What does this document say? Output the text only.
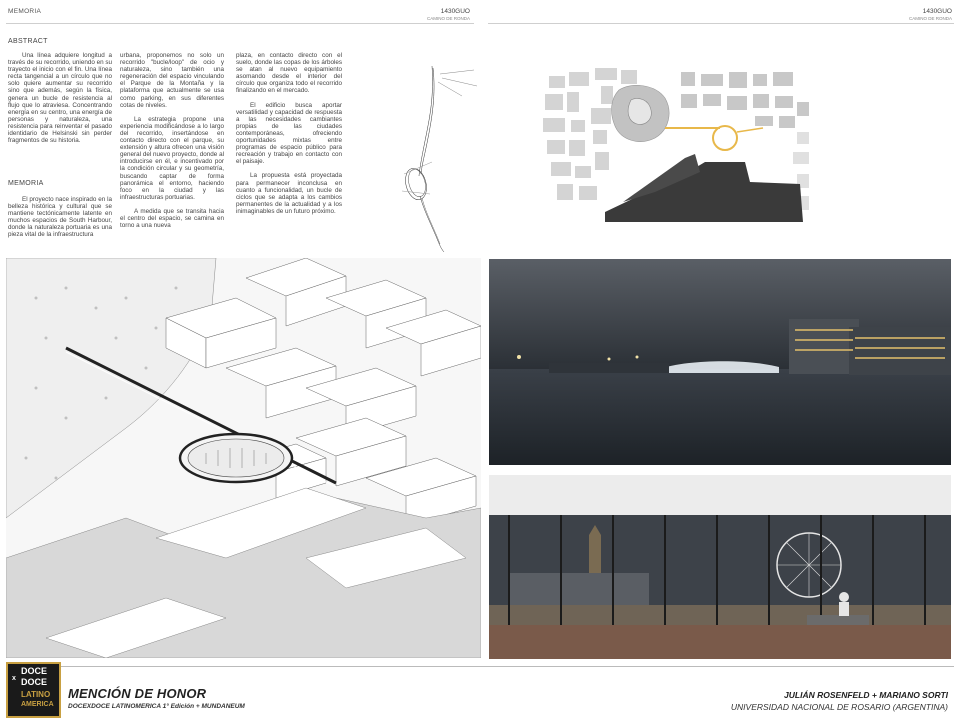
MEMORIA	1430GUO
CAMINO DE RONDA
1430GUO
CAMINO DE RONDA
ABSTRACT

Una línea adquiere longitud a través de su recorrido, uniendo en su trayecto el inicio con el fin. Una línea recta tangencial a un círculo que no solo quiere aumentar su recorrido sino que además, según la física, genera un bucle de resistencia al flujo que lo atraviesa. Concentrando energía en su centro, una energía de personas y naturaleza, una resistencia para reinventar el pasado identidario de Helsinski sin perder fragmentos de su historia.

MEMORIA

El proyecto nace inspirado en la belleza histórica y cultural que se mantiene tectónicamente latente en muchos espacios de South Harbour, donde la naturaleza portuaria es una pieza vital de la infraestructura

urbana, proponemos no solo un recorrido "bucle/loop" de ocio y naturaleza, sino también una regeneración del espacio vinculando el Parque de la Montaña y la plataforma que actualmente se usa como parking, en sus diferentes cotas de niveles.

La estrategia propone una experiencia modificándose a lo largo del recorrido, insertándose en contacto directo con el parque, su extensión y altura ofrecen una visión general del nuevo proyecto, donde al introducirse en él, e incentivado por la condición circular y su geometría, buscando captar de forma panorámica el entorno, haciendo foco en la ciudad y las infraestructuras portuarias.

A medida que se transita hacia el centro del espacio, se camina en torno a una nueva

plaza, en contacto directo con el suelo, donde las copas de los árboles se atan al nuevo equipamiento asomando desde el interior del círculo que organiza todo el recorrido finalizando en el mercado.

El edificio busca aportar versatilidad y capacidad de respuesta a las necesidades cambiantes propias de las ciudades contemporáneas, ofreciendo oportunidades mixtas entre programas de espacio público para recreación y trabajo en contacto con el paisaje.

La propuesta está proyectada para permanecer inconclusa en cuanto a funcionalidad, un bucle de ciclos que se adapta a los cambios permanentes de la actualidad y a los inimaginables de un futuro próximo.

DOCE
x DOCE
LATINO
AMERICA
MENCIÓN DE HONOR
DOCEXDOCE LATINOMERICA 1° Edición + MUNDANEUM
JULIÁN ROSENFELD + MARIANO SORTI
UNIVERSIDAD NACIONAL DE ROSARIO (ARGENTINA)
